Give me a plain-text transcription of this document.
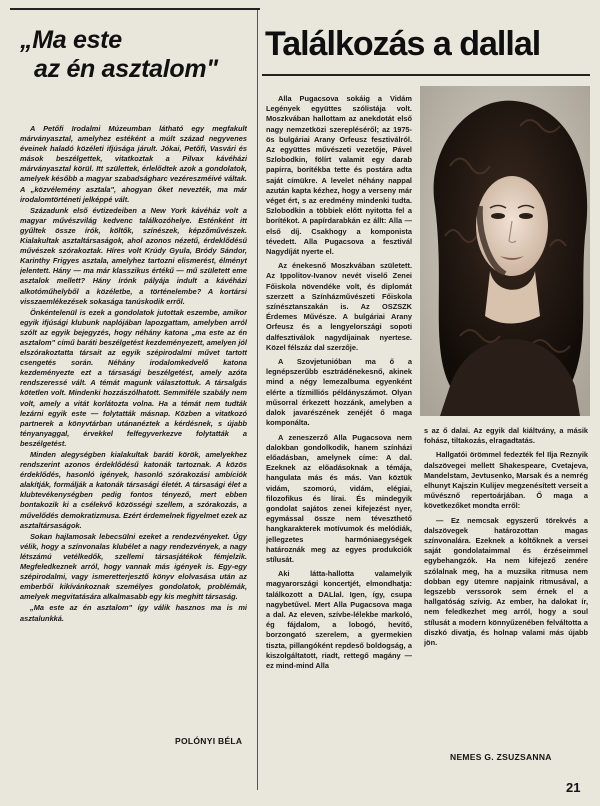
„Ma este
az én asztalom"

A Petőfi Irodalmi Múzeumban látható egy megfakult márványasztal, amelyhez estéként a múlt század negyvenes éveinek haladó közéleti ifjúsága járult. Jókai, Petőfi, Vasvári és mások beszélgettek, vitatkoztak a Pilvax kávéházi márványasztal körül. Itt születtek, érlelődtek azok a gondolatok, amelyek később a magyar szabadságharc vezéreszméivé váltak. A „közvélemény asztala", ahogyan őket nevezték, ma már irodalomtörténeti jelképpé vált.

Századunk első évtizedeiben a New York kávéház volt a magyar művészvilág kedvenc találkozóhelye. Esténként itt gyűltek össze írók, költők, színészek, képzőművészek. Kialakultak asztaltársaságok, ahol azonos nézetű, érdeklődésű művészek szórakoztak. Híres volt Krúdy Gyula, Bródy Sándor, Karinthy Frigyes asztala, amelyhez tartozni elismerést, élményt jelentett. Hány — ma már klasszikus értékű — mű született eme asztalok mellett? Hány írónk pályája indult a kávéházi alkotóműhelyből a közéletbe, a történelembe? A kortársi visszaemlékezések sokasága tanúskodik erről.

Önkéntelenül is ezek a gondolatok jutottak eszembe, amikor egyik ifjúsági klubunk naplójában lapozgattam, amelyben arról szólt az egyik bejegyzés, hogy néhány katona „ma este az én asztalom" című baráti beszélgetést kezdeményezett, amelyen jól elszórakoztatta társait az egyik szépirodalmi művet tartott csengetés során. Néhány irodalomkedvelő katona kezdeményezte ezt a társasági beszélgetést, amely azóta rendszeressé vált. A témát magunk választottuk. A társalgás kötetlen volt. Mindenki hozzászólhatott. Semmiféle szabály nem volt, amely a vitát korlátozta volna. Ha a témát nem tudták lezárni egyik este — folytatták másnap. Közben a vitatkozó partnerek a könyvtárban utánanéztek a kérdésnek, s újabb tényanyaggal, érvekkel felfegyverkezve folytatták a beszélgetést.

Minden alegységben kialakultak baráti körök, amelyekhez rendszerint azonos érdeklődésű katonák tartoznak. A közös érdeklődés, hasonló igények, hasonló szórakozási ambíciók alakítják, formálják a katonák társasági életét. A társasági élet a klubtevékenységben pedig fontos tényező, mert ebben bontakozik ki a csélekvő közösségi szellem, a szórakozás, a művelődés demokratizmusa. Ezért érdemelnek figyelmet ezek az asztaltársaságok.

Sokan hajlamosak lebecsülni ezeket a rendezvényeket. Úgy vélik, hogy a színvonalas klubélet a nagy rendezvények, a nagy létszámú vetélkedők, szellemi társasjátékok fémjelzik. Megfeledkeznek arról, hogy vannak más igények is. Egy-egy szépirodalmi, vagy ismeretterjesztő könyv elolvasása után az emberbői kikívánkoznak személyes gondolatok, problémák, amelyek megvitatására alkalmasabb egy kis meghitt társaság.

„Ma este az én asztalom" így válik hasznos ma is mi asztalunkká.

POLÓNYI BÉLA
Találkozás a dallal

Alla Pugacsova sokáig a Vidám Legények együttes szólistája volt. Moszkvában hallottam az anekdotát első nagy nemzetközi szerepléséről; az 1975-ös bulgáriai Arany Orfeusz fesztiválról. Az együttes művészeti vezetője, Pável Szlobodkin, fölírt valamit egy darab papírra, borítékba tette és postára adta saját címükre. A levelet néhány nappal azután kapta kézhez, hogy a verseny már véget ért, s az eredmény mindenki tudta. Szlobodkin a többiek előtt nyitotta fel a borítékot. A papírdarabkán ez állt: Alla — első díj. Csakhogy a komponista tévedett. Alla Pugacsova a fesztivál Nagydíját nyerte el.

Az énekesnő Moszkvában született. Az Ippolitov-Ivanov nevét viselő Zenei Főiskola növendéke volt, és diplomát szerzett a Színházművészeti Főiskola színésztanszakán is. Az OSZSZK Érdemes Művésze. A bulgáriai Arany Orfeusz és a lengyelországi sopoti dalfesztiválok nagydíjainak nyertese. Közel félszáz dal szerzője.

A Szovjetunióban ma ő a legnépszerűbb esztrádénekesnő, akinek mind a négy lemezalbuma egyenként elérte a tízmilliós példányszámot. Olyan műsorral érkezett hozzánk, amelyben a dalok javarészének zenéjét ő maga komponálta.

A zeneszerző Alla Pugacsova nem dalokban gondolkodik, hanem színházi előadásban, amelynek címe: A dal. Ezeknek az előadásoknak a témája, hangulata más és más. Van köztük vidám, szomorú, vidám, elégiai, filozofikus és lírai. És mindegyik gondolat sajátos zenei kifejezést nyer, egymással össze nem téveszthető hangkarakterek motívumok és melódiák, jellegzetes harmóniaegységek határoznák meg az egyes produkciók stílusát.

Aki látta-hallotta valamelyik magyarországi koncertjét, elmondhatja: találkozott a DALlal. Igen, így, csupa nagybetűvel. Mert Alla Pugacsova maga a dal. Az eleven, szívbe-lélekbe markoló, ég fájdalom, a lobogó, hevítő, borzongató szerelem, a gyermekien tiszta, pillangóként repdeső boldogság, a kiszolgáltatott, riadt, rettegő magány — ez mind-mind Alla

s az ő dalai. Az egyik dal kiáltvány, a másik fohász, tiltakozás, elragadtatás.

Hallgatói örömmel fedezték fel Ilja Reznyik dalszövegei mellett Shakespeare, Cvetajeva, Mandelstam, Jevtusenko, Marsak és a nemrég elhunyt Kajszin Kulijev megzenésített verseit a művésznő repertoárjában. Ő maga a következőket mondta erről:

— Ez nemcsak egyszerű törekvés a dalszövegek határozottan magas színvonalára. Ezeknek a költőknek a versei saját gondolataimmal és érzéseimmel egybehangzók. Ha nem kifejező zenére szólalnak meg, ha a muzsika ritmusa nem dobban egy ütemre napjaink ritmusával, a legszebb verssorok sem érnek el a hallgatóság szívig. Az ember, ha dalokat ír, nem feledkezhet meg arról, hogy a soul stílusát a modern könnyűzenében felváltotta a diszkó divatja, és holnap valami más újabb jön.

NEMES G. ZSUZSANNA
21
